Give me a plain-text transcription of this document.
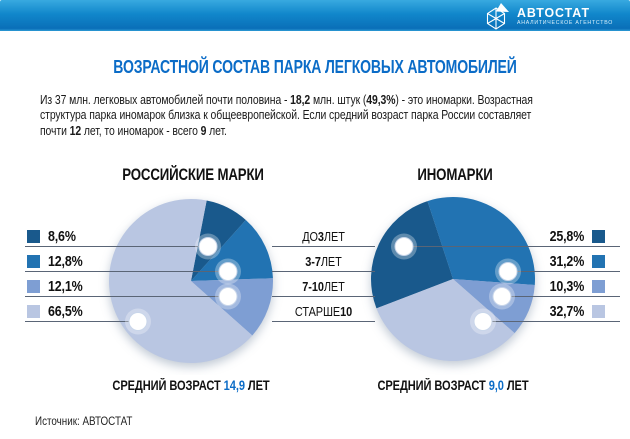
АВТОСТАТ
АНАЛИТИЧЕСКОЕ АГЕНТСТВО
ВОЗРАСТНОЙ СОСТАВ ПАРКА ЛЕГКОВЫХ АВТОМОБИЛЕЙ

Из 37 млн. легковых автомобилей почти половина - 18,2 млн. штук (49,3%) - это иномарки. Возрастная
структура парка иномарок близка к общеевропейской. Если средний возраст парка России составляет
почти 12 лет, то иномарок - всего 9 лет.

РОССИЙСКИЕ МАРКИ	ИНОМАРКИ
8,6%
12,8%
12,1%
66,5%
ДО 3 ЛЕТ
3-7 ЛЕТ
7-10 ЛЕТ
СТАРШЕ 10
25,8%
31,2%
10,3%
32,7%
СРЕДНИЙ ВОЗРАСТ 14,9 ЛЕТ	СРЕДНИЙ ВОЗРАСТ 9,0 ЛЕТ
Источник: АВТОСТАТ
